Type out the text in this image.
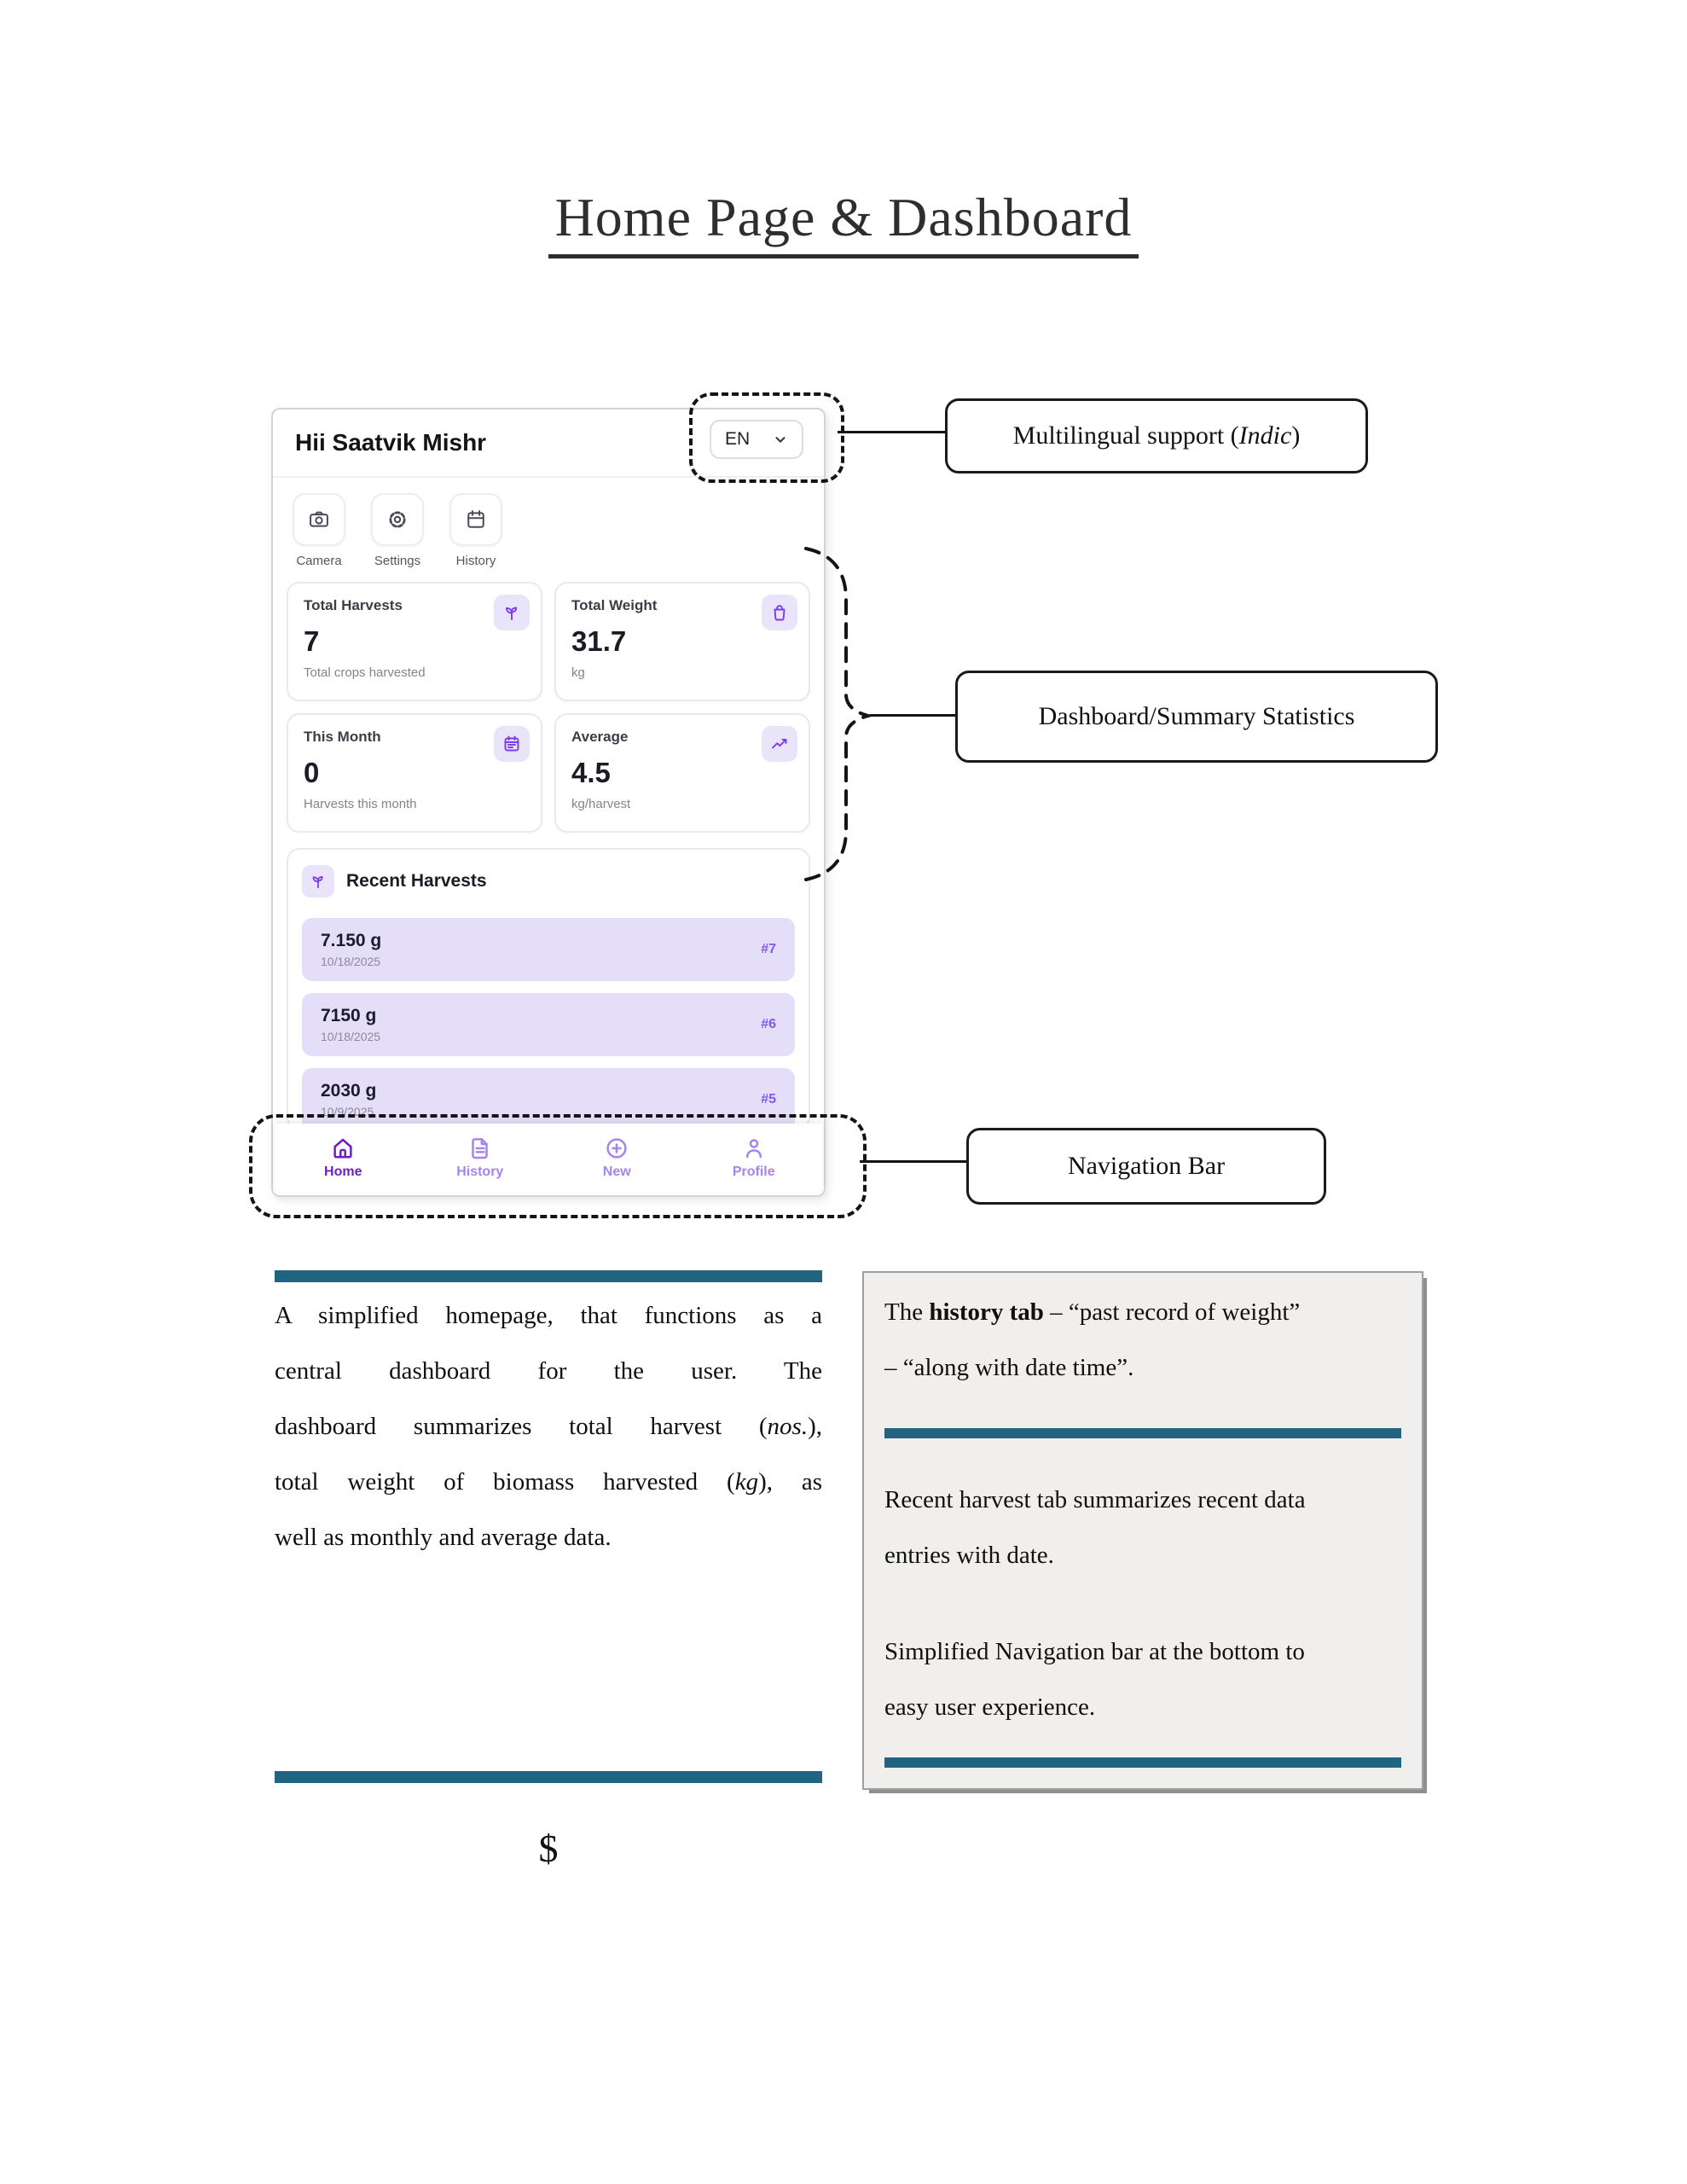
Home Page & Dashboard
Hii Saatvik Mishr	EN
Camera	Settings	History
Total Harvests
7
Total crops harvested
Total Weight
31.7
kg
This Month
0
Harvests this month
Average
4.5
kg/harvest
Recent Harvests
7.150 g
10/18/2025
#7
7150 g
10/18/2025
#6
2030 g
10/9/2025
#5
Home	History	New	Profile
Multilingual support (Indic)
Dashboard/Summary Statistics
Navigation Bar
A simplified homepage, that functions as a
central dashboard for the user. The
dashboard summarizes total harvest (nos.),
total weight of biomass harvested (kg), as
well as monthly and average data.
$
The history tab – “past record of weight”
– “along with date time”.
Recent harvest tab summarizes recent data
entries with date.
Simplified Navigation bar at the bottom to
easy user experience.
